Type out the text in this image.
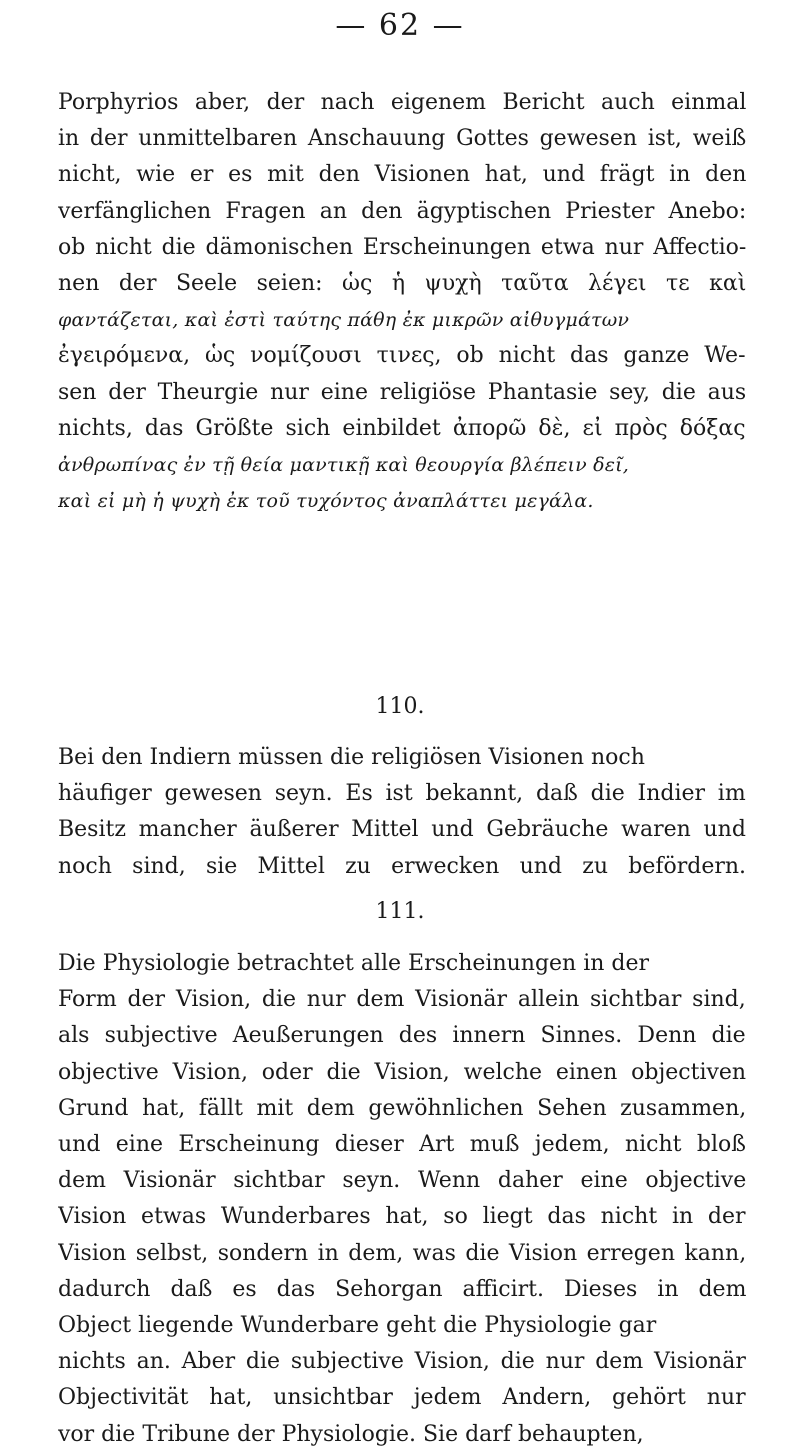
— 62 —
Porphyrios aber, der nach eigenem Bericht auch einmal
in der unmittelbaren Anschauung Gottes gewesen ist, weiß
nicht, wie er es mit den Visionen hat, und frägt in den
verfänglichen Fragen an den ägyptischen Priester Anebo:
ob nicht die dämonischen Erscheinungen etwa nur Affectio-
nen der Seele seien: ὡς ἡ ψυχὴ ταῦτα λέγει τε καὶ
φαντάζεται, καὶ ἐστὶ ταύτης πάθη ἐκ μικρῶν αἰθυγμάτων
ἐγειρόμενα, ὡς νομίζουσι τινες, ob nicht das ganze We-
sen der Theurgie nur eine religiöse Phantasie sey, die aus
nichts, das Größte sich einbildet ἀπορῶ δὲ, εἰ πρὸς δόξας
ἀνθρωπίνας ἐν τῇ θεία μαντικῇ καὶ θεουργία βλέπειν δεῖ,
καὶ εἰ μὴ ἡ ψυχὴ ἐκ τοῦ τυχόντος ἀναπλάττει μεγάλα.
110.
Bei den Indiern müssen die religiösen Visionen noch
häufiger gewesen seyn. Es ist bekannt, daß die Indier im
Besitz mancher äußerer Mittel und Gebräuche waren und
noch sind, sie Mittel zu erwecken und zu befördern.
111.
Die Physiologie betrachtet alle Erscheinungen in der
Form der Vision, die nur dem Visionär allein sichtbar sind,
als subjective Aeußerungen des innern Sinnes. Denn die
objective Vision, oder die Vision, welche einen objectiven
Grund hat, fällt mit dem gewöhnlichen Sehen zusammen,
und eine Erscheinung dieser Art muß jedem, nicht bloß
dem Visionär sichtbar seyn. Wenn daher eine objective
Vision etwas Wunderbares hat, so liegt das nicht in der
Vision selbst, sondern in dem, was die Vision erregen kann,
dadurch daß es das Sehorgan afficirt. Dieses in dem
Object liegende Wunderbare geht die Physiologie gar
nichts an. Aber die subjective Vision, die nur dem Visionär
Objectivität hat, unsichtbar jedem Andern, gehört nur
vor die Tribune der Physiologie. Sie darf behaupten,
